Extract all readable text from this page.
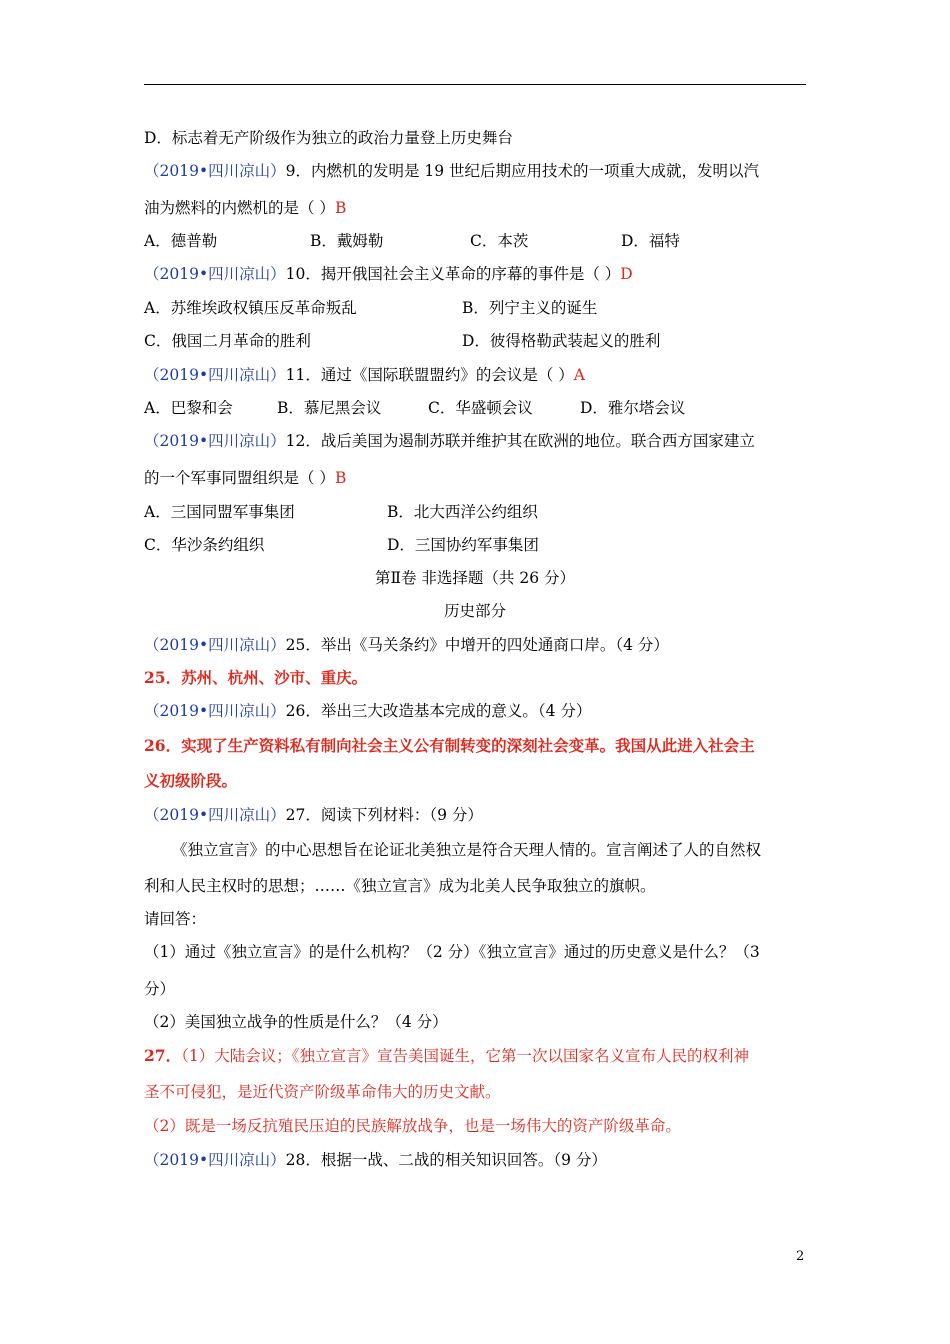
D．标志着无产阶级作为独立的政治力量登上历史舞台
（2019•四川凉山）9．内燃机的发明是 19 世纪后期应用技术的一项重大成就，发明以汽
油为燃料的内燃机的是（ ）B
A．德普勒	B．戴姆勒	C．本茨	D．福特
（2019•四川凉山）10．揭开俄国社会主义革命的序幕的事件是（ ）D
A．苏维埃政权镇压反革命叛乱	B．列宁主义的诞生
C．俄国二月革命的胜利	D．彼得格勒武装起义的胜利
（2019•四川凉山）11．通过《国际联盟盟约》的会议是（ ）A
A．巴黎和会	B．慕尼黑会议	C．华盛顿会议	D．雅尔塔会议
（2019•四川凉山）12．战后美国为遏制苏联并维护其在欧洲的地位。联合西方国家建立
的一个军事同盟组织是（ ）B
A．三国同盟军事集团	B．北大西洋公约组织
C．华沙条约组织	D．三国协约军事集团
第Ⅱ卷 非选择题（共 26 分）
历史部分
（2019•四川凉山）25．举出《马关条约》中增开的四处通商口岸。（4 分）
25．苏州、杭州、沙市、重庆。
（2019•四川凉山）26．举出三大改造基本完成的意义。（4 分）
26．实现了生产资料私有制向社会主义公有制转变的深刻社会变革。我国从此进入社会主
义初级阶段。
（2019•四川凉山）27．阅读下列材料：（9 分）
《独立宣言》的中心思想旨在论证北美独立是符合天理人情的。宣言阐述了人的自然权
利和人民主权时的思想；……《独立宣言》成为北美人民争取独立的旗帜。
请回答：
（1）通过《独立宣言》的是什么机构？（2 分）《独立宣言》通过的历史意义是什么？（3
分）
（2）美国独立战争的性质是什么？（4 分）
27．（1）大陆会议；《独立宣言》宣告美国诞生，它第一次以国家名义宣布人民的权利神
圣不可侵犯，是近代资产阶级革命伟大的历史文献。
（2）既是一场反抗殖民压迫的民族解放战争，也是一场伟大的资产阶级革命。
（2019•四川凉山）28．根据一战、二战的相关知识回答。（9 分）
2
